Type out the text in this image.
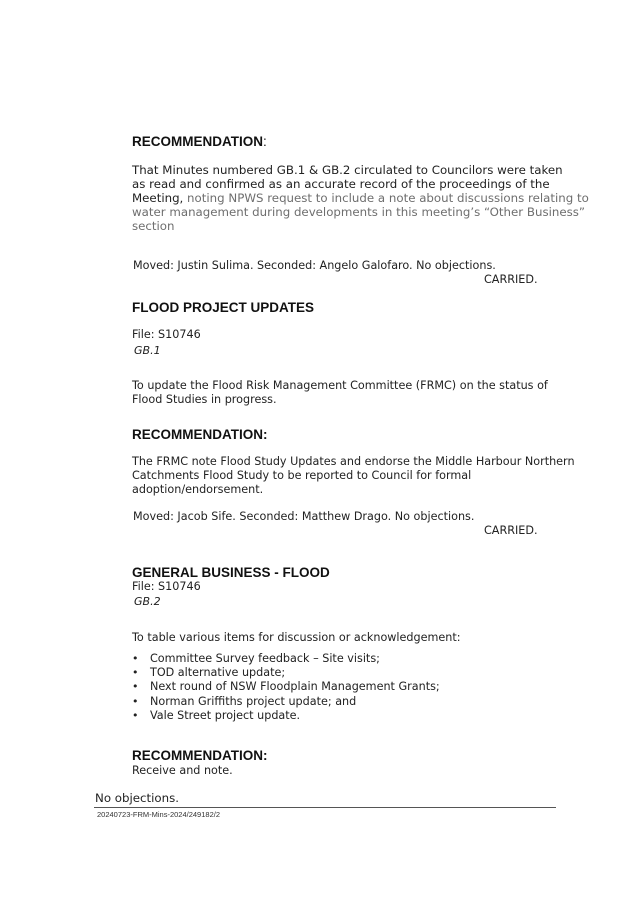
RECOMMENDATION:
That Minutes numbered GB.1 & GB.2 circulated to Councilors were taken
as read and confirmed as an accurate record of the proceedings of the
Meeting, noting NPWS request to include a note about discussions relating to
water management during developments in this meeting’s “Other Business”
section
Moved: Justin Sulima. Seconded: Angelo Galofaro. No objections.
CARRIED.
FLOOD PROJECT UPDATES
File: S10746
GB.1
To update the Flood Risk Management Committee (FRMC) on the status of
Flood Studies in progress.
RECOMMENDATION:
The FRMC note Flood Study Updates and endorse the Middle Harbour Northern
Catchments Flood Study to be reported to Council for formal
adoption/endorsement.
Moved: Jacob Sife. Seconded: Matthew Drago. No objections.
CARRIED.
GENERAL BUSINESS - FLOOD
File: S10746
GB.2
To table various items for discussion or acknowledgement:
• Committee Survey feedback – Site visits;
• TOD alternative update;
• Next round of NSW Floodplain Management Grants;
• Norman Griffiths project update; and
• Vale Street project update.
RECOMMENDATION:
Receive and note.
No objections.
20240723-FRM-Mins-2024/249182/2
